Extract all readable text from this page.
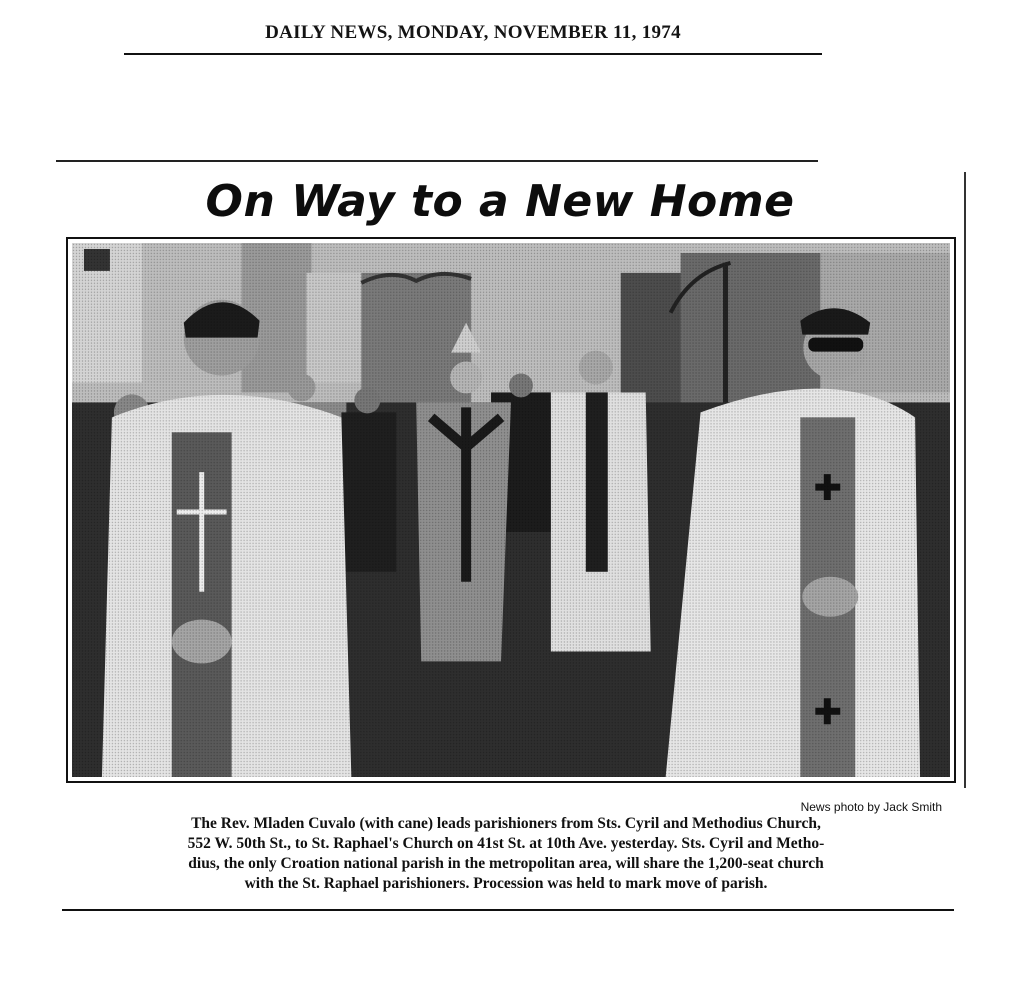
DAILY NEWS, MONDAY, NOVEMBER 11, 1974
On Way to a New Home
News photo by Jack Smith
The Rev. Mladen Cuvalo (with cane) leads parishioners from Sts. Cyril and Methodius Church,
552 W. 50th St., to St. Raphael's Church on 41st St. at 10th Ave. yesterday. Sts. Cyril and Metho-
dius, the only Croation national parish in the metropolitan area, will share the 1,200-seat church
with the St. Raphael parishioners. Procession was held to mark move of parish.
